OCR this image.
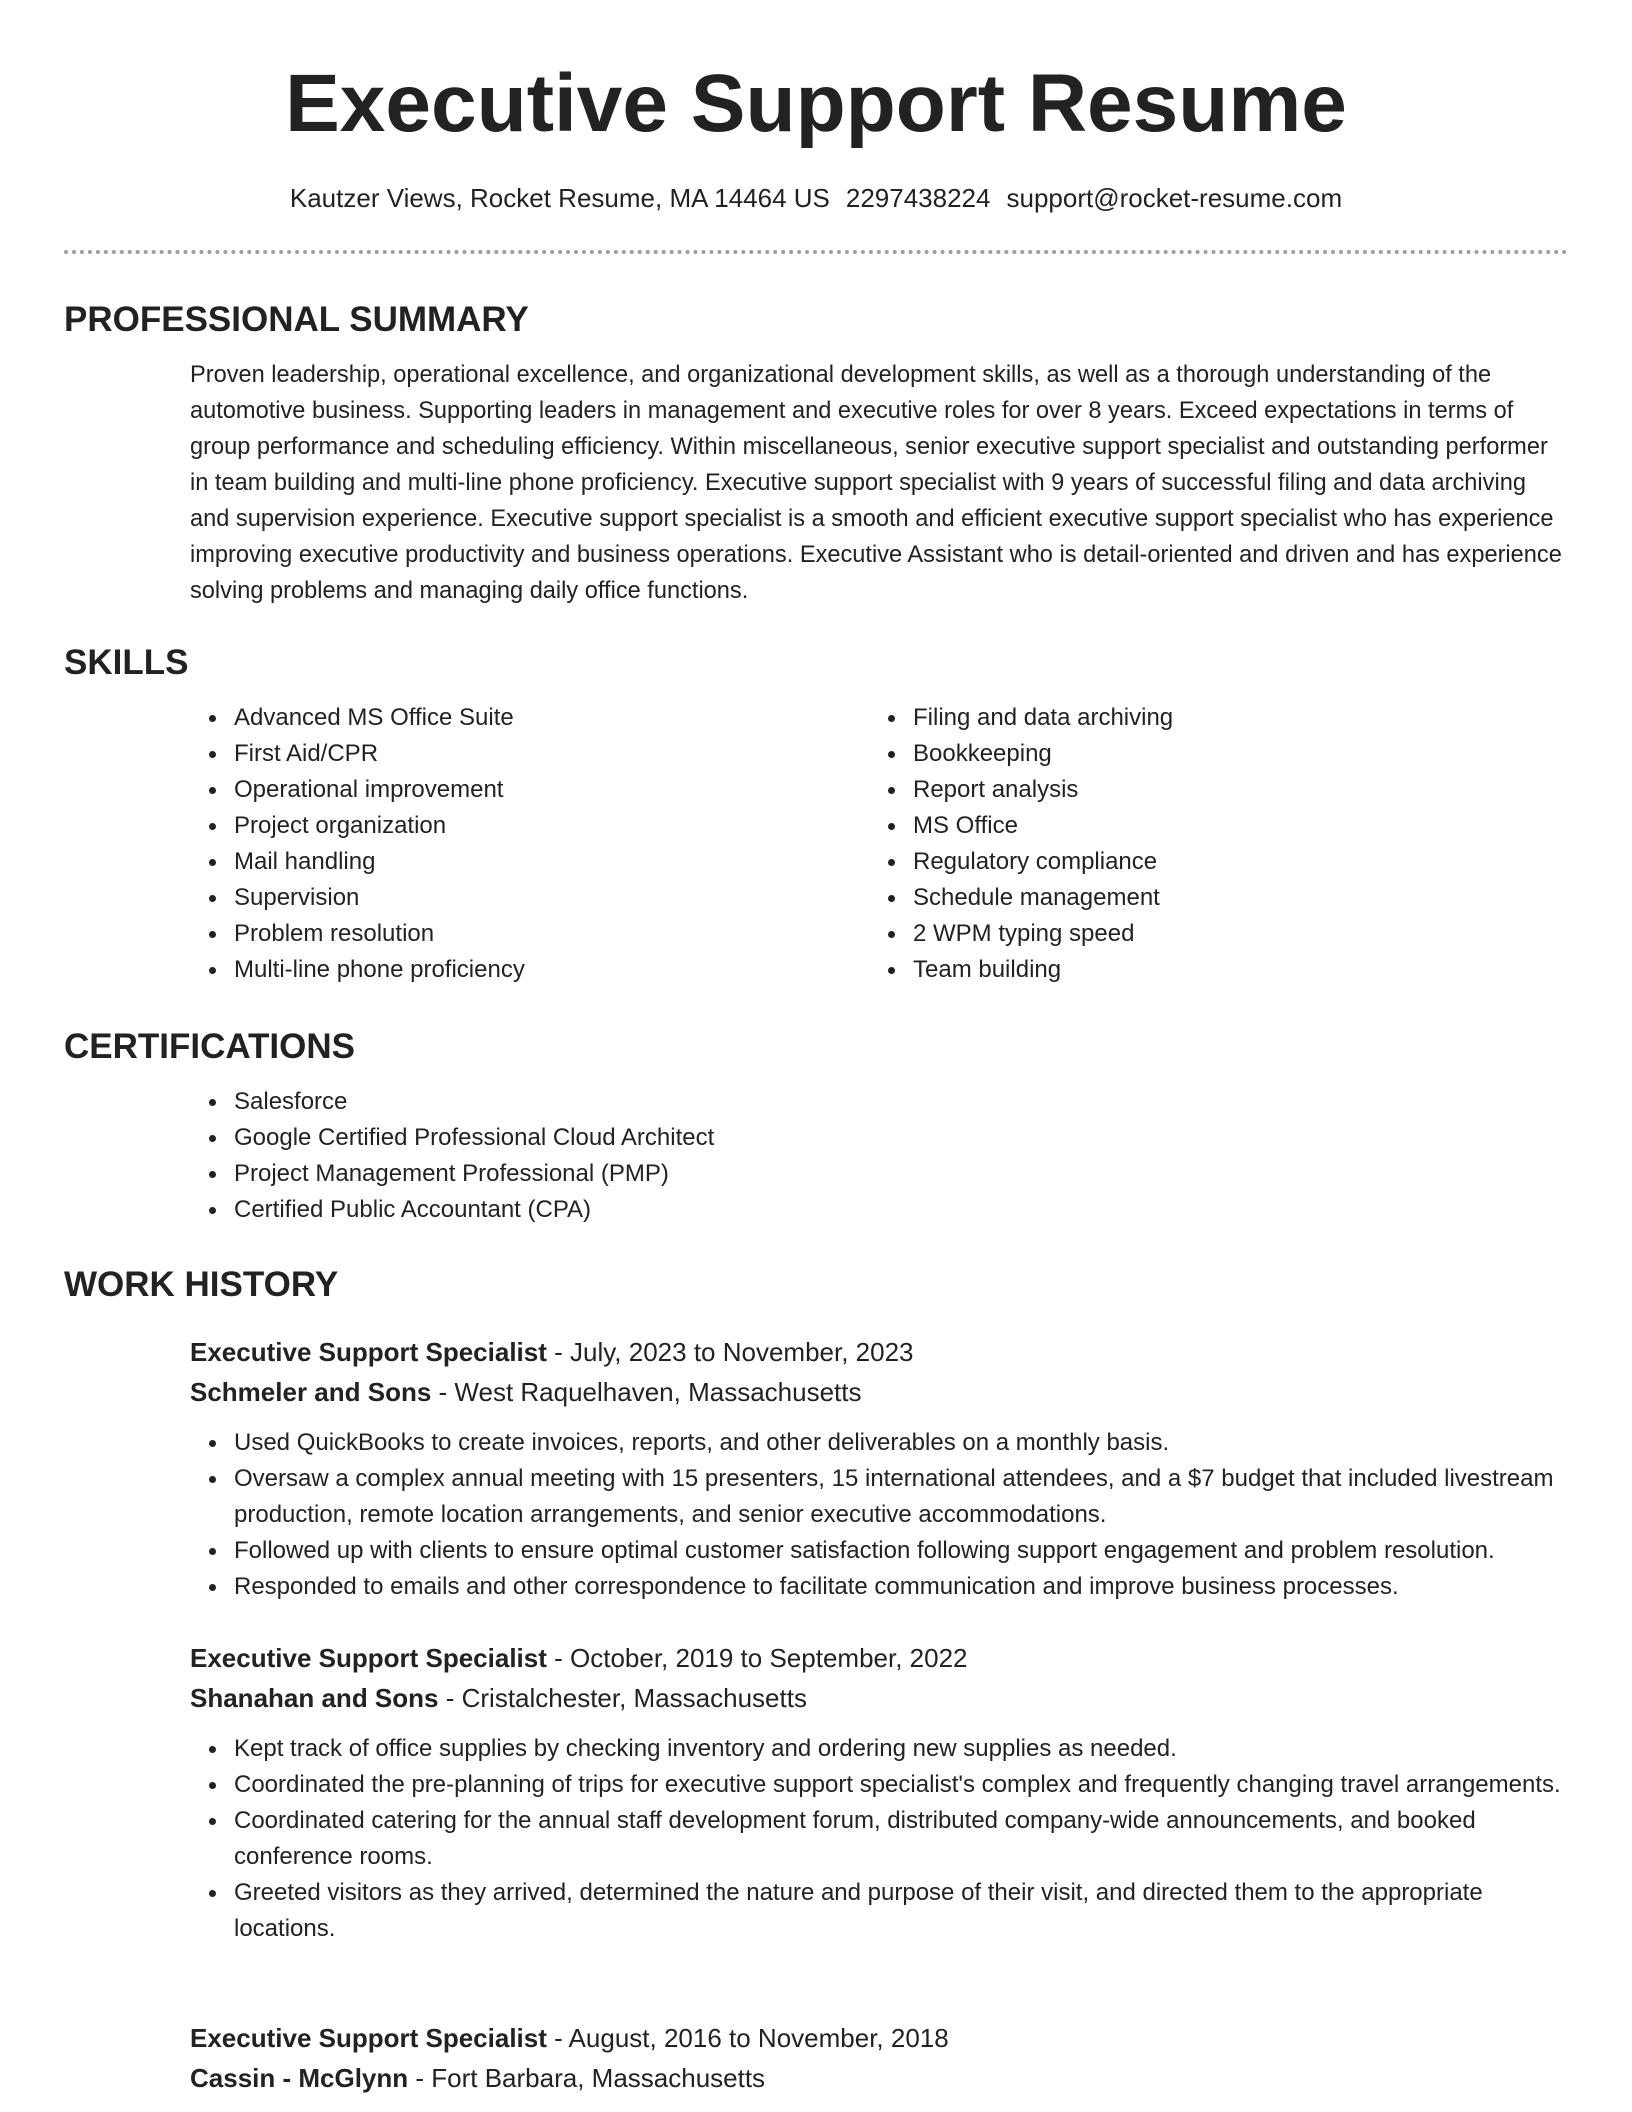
Executive Support Resume
Kautzer Views, Rocket Resume, MA 14464 US 2297438224 support@rocket-resume.com
PROFESSIONAL SUMMARY

Proven leadership, operational excellence, and organizational development skills, as well as a thorough understanding of the automotive business. Supporting leaders in management and executive roles for over 8 years. Exceed expectations in terms of group performance and scheduling efficiency. Within miscellaneous, senior executive support specialist and outstanding performer in team building and multi-line phone proficiency. Executive support specialist with 9 years of successful filing and data archiving and supervision experience. Executive support specialist is a smooth and efficient executive support specialist who has experience improving executive productivity and business operations. Executive Assistant who is detail-oriented and driven and has experience solving problems and managing daily office functions.

SKILLS
Advanced MS Office Suite
First Aid/CPR
Operational improvement
Project organization
Mail handling
Supervision
Problem resolution
Multi-line phone proficiency
Filing and data archiving
Bookkeeping
Report analysis
MS Office
Regulatory compliance
Schedule management
2 WPM typing speed
Team building
CERTIFICATIONS
Salesforce
Google Certified Professional Cloud Architect
Project Management Professional (PMP)
Certified Public Accountant (CPA)
WORK HISTORY
Executive Support Specialist - July, 2023 to November, 2023
Schmeler and Sons - West Raquelhaven, Massachusetts
Used QuickBooks to create invoices, reports, and other deliverables on a monthly basis.
Oversaw a complex annual meeting with 15 presenters, 15 international attendees, and a $7 budget that included livestream production, remote location arrangements, and senior executive accommodations.
Followed up with clients to ensure optimal customer satisfaction following support engagement and problem resolution.
Responded to emails and other correspondence to facilitate communication and improve business processes.
Executive Support Specialist - October, 2019 to September, 2022
Shanahan and Sons - Cristalchester, Massachusetts
Kept track of office supplies by checking inventory and ordering new supplies as needed.
Coordinated the pre-planning of trips for executive support specialist's complex and frequently changing travel arrangements.
Coordinated catering for the annual staff development forum, distributed company-wide announcements, and booked conference rooms.
Greeted visitors as they arrived, determined the nature and purpose of their visit, and directed them to the appropriate locations.
Executive Support Specialist - August, 2016 to November, 2018
Cassin - McGlynn - Fort Barbara, Massachusetts
